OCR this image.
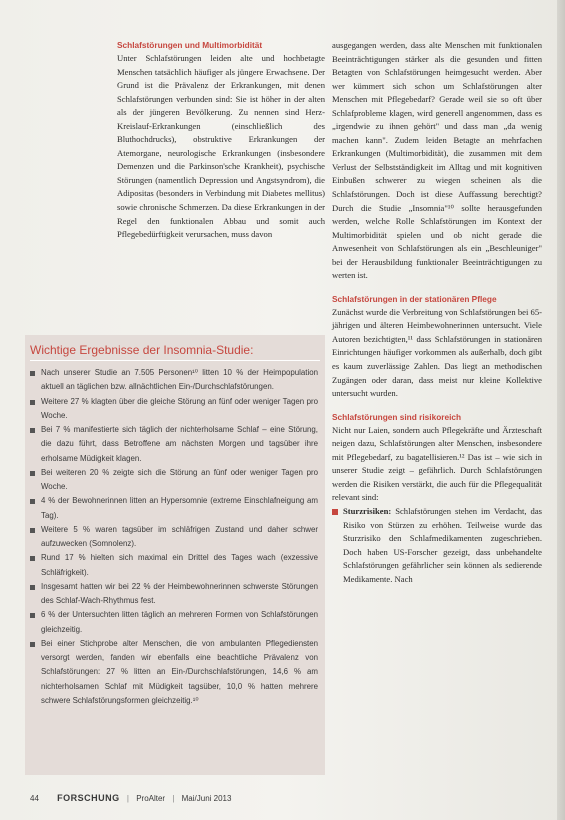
Schlafstörungen und Multimorbidität

Unter Schlafstörungen leiden alte und hochbetagte Menschen tatsächlich häufiger als jüngere Erwachsene. Der Grund ist die Prävalenz der Erkrankungen, mit denen Schlafstörungen verbunden sind: Sie ist höher in der alten als der jüngeren Bevölkerung. Zu nennen sind Herz-Kreislauf-Erkrankungen (einschließlich des Bluthochdrucks), obstruktive Erkrankungen der Atemorgane, neurologische Erkrankungen (insbesondere Demenzen und die Parkinson'sche Krankheit), psychische Störungen (namentlich Depression und Angstsyndrom), die Adipositas (besonders in Verbindung mit Diabetes mellitus) sowie chronische Schmerzen. Da diese Erkrankungen in der Regel den funktionalen Abbau und somit auch Pflegebedürftigkeit verursachen, muss davon

Wichtige Ergebnisse der Insomnia-Studie:
Nach unserer Studie an 7.505 Personen¹⁰ litten 10 % der Heimpopulation aktuell an täglichen bzw. allnächtlichen Ein-/Durchschlafstörungen.
Weitere 27 % klagten über die gleiche Störung an fünf oder weniger Tagen pro Woche.
Bei 7 % manifestierte sich täglich der nichterholsame Schlaf – eine Störung, die dazu führt, dass Betroffene am nächsten Morgen und tagsüber ihre erholsame Müdigkeit klagen.
Bei weiteren 20 % zeigte sich die Störung an fünf oder weniger Tagen pro Woche.
4 % der Bewohnerinnen litten an Hypersomnie (extreme Einschlafneigung am Tag).
Weitere 5 % waren tagsüber im schläfrigen Zustand und daher schwer aufzuwecken (Somnolenz).
Rund 17 % hielten sich maximal ein Drittel des Tages wach (exzessive Schläfrigkeit).
Insgesamt hatten wir bei 22 % der Heimbewohnerinnen schwerste Störungen des Schlaf-Wach-Rhythmus fest.
6 % der Untersuchten litten täglich an mehreren Formen von Schlafstörungen gleichzeitig.
Bei einer Stichprobe alter Menschen, die von ambulanten Pflegediensten versorgt werden, fanden wir ebenfalls eine beachtliche Prävalenz von Schlafstörungen: 27 % litten an Ein-/Durchschlafstörungen, 14,6 % am nichterholsamen Schlaf mit Müdigkeit tagsüber, 10,0 % hatten mehrere schwere Schlafstörungsformen gleichzeitig.¹⁰

ausgegangen werden, dass alte Menschen mit funktionalen Beeinträchtigungen stärker als die gesunden und fitten Betagten von Schlafstörungen heimgesucht werden. Aber wer kümmert sich schon um Schlafstörungen alter Menschen mit Pflegebedarf? Gerade weil sie so oft über Schlafprobleme klagen, wird generell angenommen, dass es „irgendwie zu ihnen gehört" und dass man „da wenig machen kann". Zudem leiden Betagte an mehrfachen Erkrankungen (Multimorbidität), die zusammen mit dem Verlust der Selbstständigkeit im Alltag und mit kognitiven Einbußen schwerer zu wiegen scheinen als die Schlafstörungen. Doch ist diese Auffassung berechtigt? Durch die Studie „Insomnia"¹⁰ sollte herausgefunden werden, welche Rolle Schlafstörungen im Kontext der Multimorbidität spielen und ob nicht gerade die Anwesenheit von Schlafstörungen als ein „Beschleuniger" bei der Herausbildung funktionaler Beeinträchtigungen zu werten ist.

Schlafstörungen in der stationären Pflege

Zunächst wurde die Verbreitung von Schlafstörungen bei 65-jährigen und älteren Heimbewohnerinnen untersucht. Viele Autoren bezichtigten,¹¹ dass Schlafstörungen in stationären Einrichtungen häufiger vorkommen als außerhalb, doch gibt es kaum zuverlässige Zahlen. Das liegt an methodischen Zugängen oder daran, dass meist nur kleine Kollektive untersucht wurden.

Schlafstörungen sind risikoreich

Nicht nur Laien, sondern auch Pflegekräfte und Ärzteschaft neigen dazu, Schlafstörungen alter Menschen, insbesondere mit Pflegebedarf, zu bagatellisieren.¹² Das ist – wie sich in unserer Studie zeigt – gefährlich. Durch Schlafstörungen werden die Risiken verstärkt, die auch für die Pflegequalität relevant sind:

Sturzrisiken: Schlafstörungen stehen im Verdacht, das Risiko von Stürzen zu erhöhen. Teilweise wurde das Sturzrisiko den Schlafmedikamenten zugeschrieben. Doch haben US-Forscher gezeigt, dass unbehandelte Schlafstörungen gefährlicher sein können als sedierende Medikamente. Nach
44 FORSCHUNG | ProAlter | Mai/Juni 2013
